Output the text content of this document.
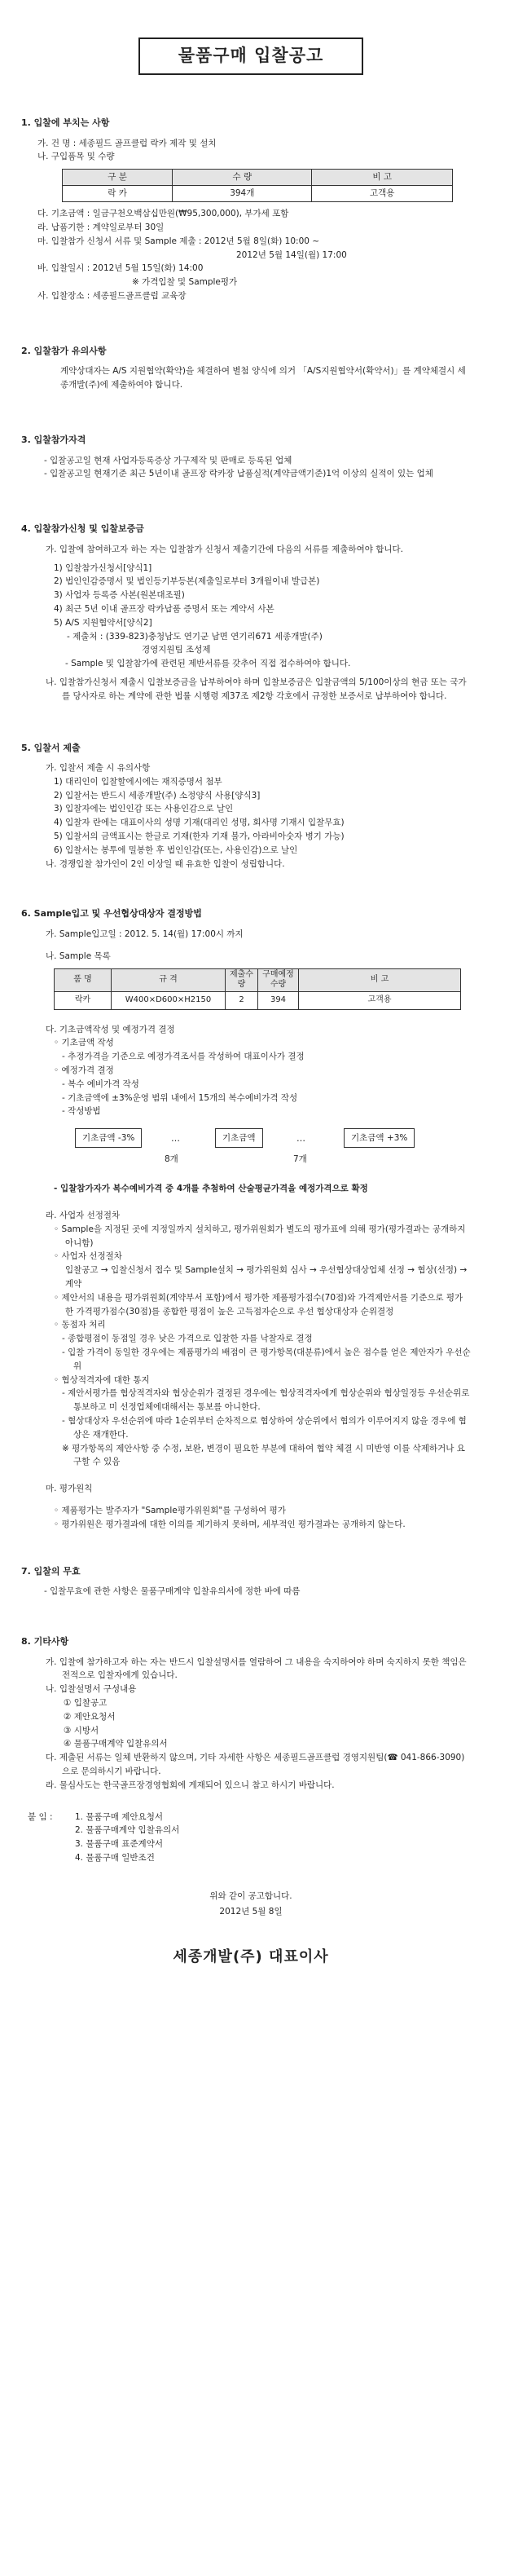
물품구매 입찰공고
1. 입찰에 부치는 사항
가. 건 명 : 세종필드 골프클럽 락카 제작 및 설치
나. 구입품목 및 수량
구 분	수 량	비 고
락 카	394개	고객용
다. 기초금액 : 일금구천오백삼십만원(₩95,300,000), 부가세 포함
라. 납품기한 : 계약일로부터 30일
마. 입찰참가 신청서 서류 및 Sample 제출 : 2012년 5월 8일(화) 10:00 ~
2012년 5월 14일(월) 17:00
바. 입찰일시 : 2012년 5월 15일(화) 14:00
※ 가격입찰 및 Sample평가
사. 입찰장소 : 세종필드골프클럽 교육장
2. 입찰참가 유의사항
계약상대자는 A/S 지원협약(확약)을 체결하여 별첨 양식에 의거 「A/S지원협약서(확약서)」를 계약체결시 세종개발(주)에 제출하여야 합니다.
3. 입찰참가자격
- 입찰공고일 현재 사업자등록증상 가구제작 및 판매로 등록된 업체
- 입찰공고일 현재기준 최근 5년이내 골프장 락카장 납품실적(계약금액기준)1억 이상의 실적이 있는 업체
4. 입찰참가신청 및 입찰보증금
가. 입찰에 참여하고자 하는 자는 입찰참가 신청서 제출기간에 다음의 서류를 제출하여야 합니다.
1) 입찰참가신청서[양식1]
2) 법인인감증명서 및 법인등기부등본(제출일로부터 3개월이내 발급본)
3) 사업자 등록증 사본(원본대조필)
4) 최근 5년 이내 골프장 락카납품 증명서 또는 계약서 사본
5) A/S 지원협약서[양식2]
- 제출처 : (339-823)충청남도 연기군 남면 연기리671 세종개발(주)
경영지원팀 조성제
- Sample 및 입찰참가에 관련된 제반서류를 갖추어 직접 접수하여야 합니다.
나. 입찰참가신청서 제출시 입찰보증금을 납부하여야 하며 입찰보증금은 입찰금액의 5/100이상의 현금 또는 국가를 당사자로 하는 계약에 관한 법률 시행령 제37조 제2항 각호에서 규정한 보증서로 납부하여야 합니다.
5. 입찰서 제출
가. 입찰서 제출 시 유의사항
1) 대리인이 입찰할에시에는 재직증명서 첨부
2) 입찰서는 반드시 세종개발(주) 소정양식 사용[양식3]
3) 입찰자에는 법인인감 또는 사용인감으로 날인
4) 입찰자 란에는 대표이사의 성명 기재(대리인 성명, 회사명 기재시 입찰무효)
5) 입찰서의 금액표시는 한글로 기재(한자 기재 불가, 아라비아숫자 병기 가능)
6) 입찰서는 봉투에 밀봉한 후 법인인감(또는, 사용인감)으로 날인
나. 경쟁입찰 참가인이 2인 이상일 때 유효한 입찰이 성립합니다.
6. Sample입고 및 우선협상대상자 결정방법
가. Sample입고일 : 2012. 5. 14(월) 17:00시 까지
나. Sample 목록
품 명	규 격	제출수량	구매예정수량	비 고
락카	W400×D600×H2150	2	394	고객용
다. 기초금액작성 및 예정가격 결정
◦ 기초금액 작성
- 추정가격을 기준으로 예정가격조서를 작성하여 대표이사가 결정
◦ 예정가격 결정
- 복수 예비가격 작성
- 기초금액에 ±3%운영 범위 내에서 15개의 복수예비가격 작성
- 작성방법
기초금액 -3%	…	기초금액	…	기초금액 +3%
8개	7개
- 입찰참가자가 복수예비가격 중 4개를 추첨하여 산술평균가격을 예정가격으로 확정
라. 사업자 선정절차
◦ Sample을 지정된 곳에 지정일까지 설치하고, 평가위원회가 별도의 평가표에 의해 평가(평가결과는 공개하지 아니함)
◦ 사업자 선정절차
입찰공고 → 입찰신청서 접수 및 Sample설치 → 평가위원회 심사 → 우선협상대상업체 선정 → 협상(선정) → 계약
◦ 제안서의 내용을 평가위원회(계약부서 포함)에서 평가한 제품평가점수(70점)와 가격제안서를 기준으로 평가한 가격평가점수(30점)를 종합한 평점이 높은 고득점자순으로 우선 협상대상자 순위결정
◦ 동점자 처리
- 종합평점이 동점일 경우 낮은 가격으로 입찰한 자를 낙찰자로 결정
- 입찰 가격이 동일한 경우에는 제품평가의 배점이 큰 평가항목(대분류)에서 높은 점수를 얻은 제안자가 우선순위
◦ 협상적격자에 대한 통지
- 제안서평가를 협상적격자와 협상순위가 결정된 경우에는 협상적격자에게 협상순위와 협상일정등 우선순위로 통보하고 미 선정업체에대해서는 통보를 아니한다.
- 협상대상자 우선순위에 따라 1순위부터 순차적으로 협상하여 상순위에서 협의가 이루어지지 않을 경우에 협상은 재개한다.
※ 평가항목의 제안사항 중 수정, 보완, 변경이 필요한 부분에 대하여 협약 체결 시 미반영 이를 삭제하거나 요구할 수 있음
마. 평가원칙
◦ 제품평가는 발주자가 "Sample평가위원회"를 구성하여 평가
◦ 평가위원은 평가결과에 대한 이의를 제기하지 못하며, 세부적인 평가결과는 공개하지 않는다.
7. 입찰의 무효
- 입찰무효에 관한 사항은 물품구매계약 입찰유의서에 정한 바에 따름
8. 기타사항
가. 입찰에 참가하고자 하는 자는 반드시 입찰설명서를 열람하여 그 내용을 숙지하여야 하며 숙지하지 못한 책임은 전적으로 입찰자에게 있습니다.
나. 입찰설명서 구성내용
① 입찰공고
② 제안요청서
③ 시방서
④ 물품구매계약 입찰유의서
다. 제출된 서류는 일체 반환하지 않으며, 기타 자세한 사항은 세종필드골프클럽 경영지원팀(☎ 041-866-3090)으로 문의하시기 바랍니다.
라. 물심사도는 한국골프장경영협회에 게재되어 있으니 참고 하시기 바랍니다.
붙 임 :	1. 물품구매 제안요청서
2. 물품구매계약 입찰유의서
3. 물품구매 표준계약서
4. 물품구매 일반조건
위와 같이 공고합니다.
2012년 5월 8일
세종개발(주) 대표이사
